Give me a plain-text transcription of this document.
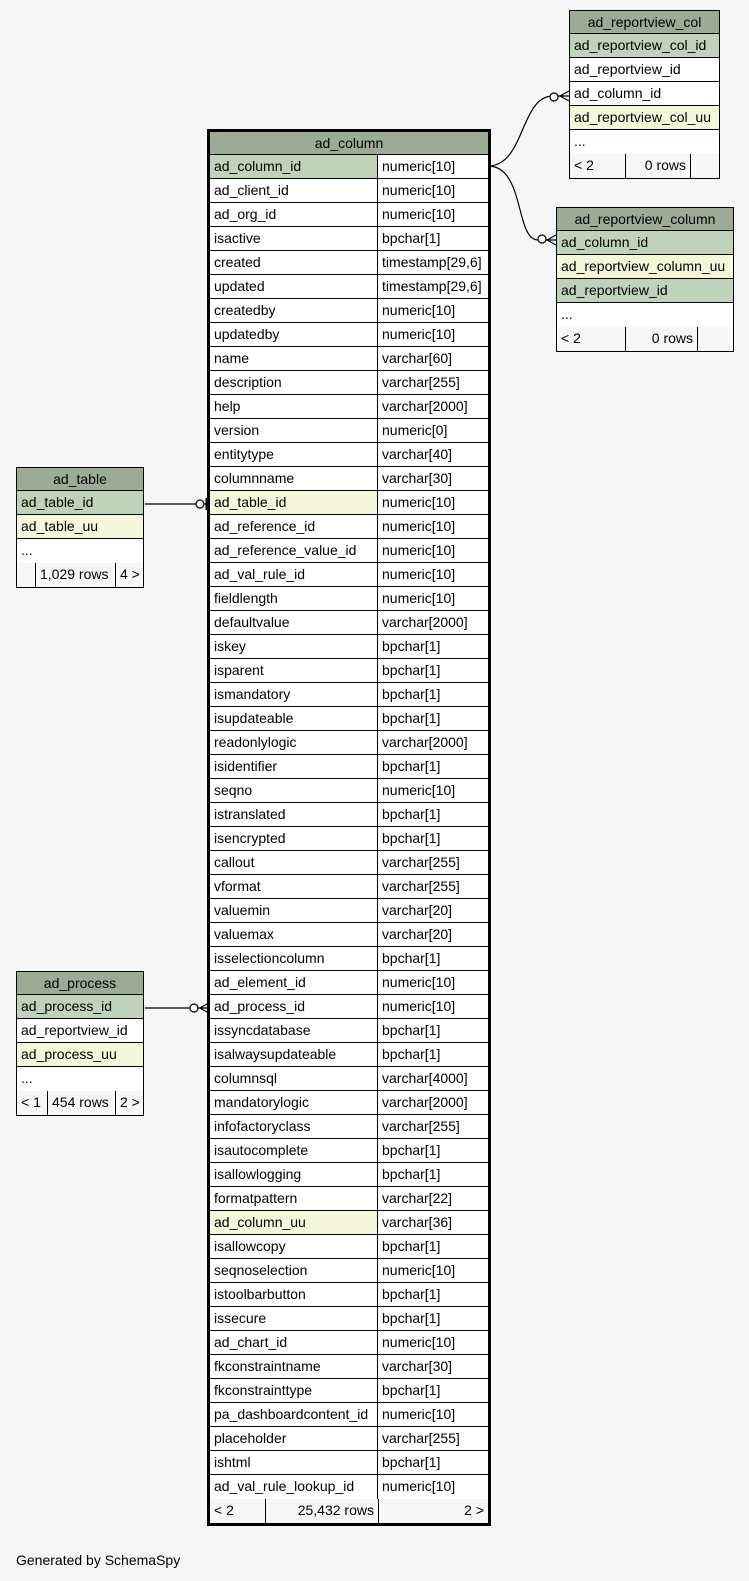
ad_column
ad_column_id	numeric[10]
ad_client_id	numeric[10]
ad_org_id	numeric[10]
isactive	bpchar[1]
created	timestamp[29,6]
updated	timestamp[29,6]
createdby	numeric[10]
updatedby	numeric[10]
name	varchar[60]
description	varchar[255]
help	varchar[2000]
version	numeric[0]
entitytype	varchar[40]
columnname	varchar[30]
ad_table_id	numeric[10]
ad_reference_id	numeric[10]
ad_reference_value_id	numeric[10]
ad_val_rule_id	numeric[10]
fieldlength	numeric[10]
defaultvalue	varchar[2000]
iskey	bpchar[1]
isparent	bpchar[1]
ismandatory	bpchar[1]
isupdateable	bpchar[1]
readonlylogic	varchar[2000]
isidentifier	bpchar[1]
seqno	numeric[10]
istranslated	bpchar[1]
isencrypted	bpchar[1]
callout	varchar[255]
vformat	varchar[255]
valuemin	varchar[20]
valuemax	varchar[20]
isselectioncolumn	bpchar[1]
ad_element_id	numeric[10]
ad_process_id	numeric[10]
issyncdatabase	bpchar[1]
isalwaysupdateable	bpchar[1]
columnsql	varchar[4000]
mandatorylogic	varchar[2000]
infofactoryclass	varchar[255]
isautocomplete	bpchar[1]
isallowlogging	bpchar[1]
formatpattern	varchar[22]
ad_column_uu	varchar[36]
isallowcopy	bpchar[1]
seqnoselection	numeric[10]
istoolbarbutton	bpchar[1]
issecure	bpchar[1]
ad_chart_id	numeric[10]
fkconstraintname	varchar[30]
fkconstrainttype	bpchar[1]
pa_dashboardcontent_id numeric[10]
placeholder	varchar[255]
ishtml	bpchar[1]
ad_val_rule_lookup_id	numeric[10]
< 2	25,432 rows	2 >
ad_reportview_col
ad_reportview_col_id
ad_reportview_id
ad_column_id
ad_reportview_col_uu
...
< 2	0 rows
ad_reportview_column
ad_column_id
ad_reportview_column_uu
ad_reportview_id
...
< 2	0 rows
ad_table
ad_table_id
ad_table_uu
...
1,029 rows 4 >
ad_process
ad_process_id
ad_reportview_id
ad_process_uu
...
< 1 454 rows 2 >
Generated by SchemaSpy
